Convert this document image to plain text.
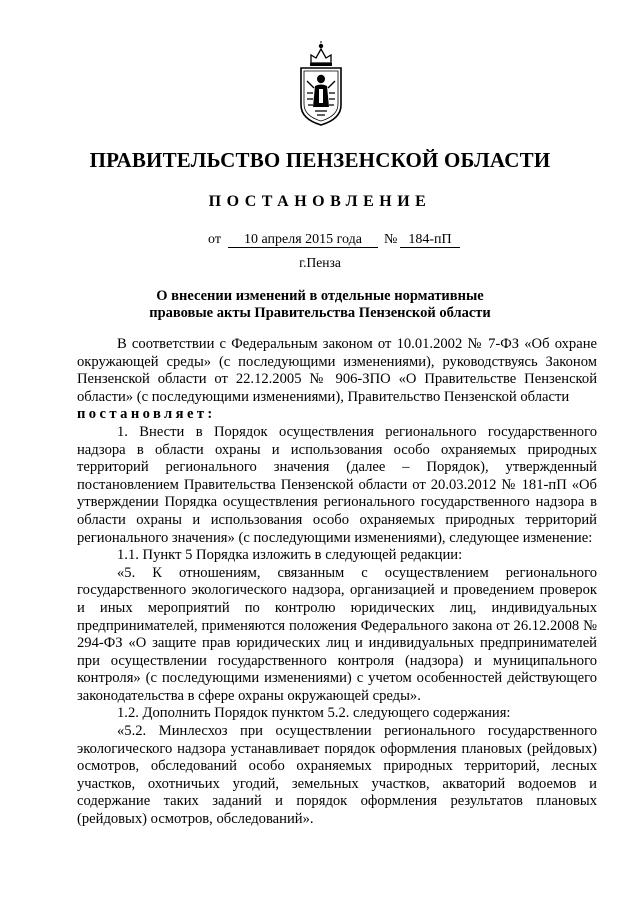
ПРАВИТЕЛЬСТВО ПЕНЗЕНСКОЙ ОБЛАСТИ
ПОСТАНОВЛЕНИЕ
от	10 апреля 2015 года	№ 184-пП
г.Пенза
О внесении изменений в отдельные нормативные
правовые акты Правительства Пензенской области

В соответствии с Федеральным законом от 10.01.2002 № 7-ФЗ «Об охране окружающей среды» (с последующими изменениями), руководствуясь Законом Пензенской области от 22.12.2005 № 906-ЗПО «О Правительстве Пензенской области» (с последующими изменениями), Правительство Пензенской области

постановляет:

1. Внести в Порядок осуществления регионального государственного надзора в области охраны и использования особо охраняемых природных территорий регионального значения (далее – Порядок), утвержденный постановлением Правительства Пензенской области от 20.03.2012 № 181-пП «Об утверждении Порядка осуществления регионального государственного надзора в области охраны и использования особо охраняемых природных территорий регионального значения» (с последующими изменениями), следующее изменение:

1.1. Пункт 5 Порядка изложить в следующей редакции:

«5. К отношениям, связанным с осуществлением регионального государственного экологического надзора, организацией и проведением проверок и иных мероприятий по контролю юридических лиц, индивидуальных предпринимателей, применяются положения Федерального закона от 26.12.2008 № 294-ФЗ «О защите прав юридических лиц и индивидуальных предпринимателей при осуществлении государственного контроля (надзора) и муниципального контроля» (с последующими изменениями) с учетом особенностей действующего законодательства в сфере охраны окружающей среды».

1.2. Дополнить Порядок пунктом 5.2. следующего содержания:

«5.2. Минлесхоз при осуществлении регионального государственного экологического надзора устанавливает порядок оформления плановых (рейдовых) осмотров, обследований особо охраняемых природных территорий, лесных участков, охотничьих угодий, земельных участков, акваторий водоемов и содержание таких заданий и порядок оформления результатов плановых (рейдовых) осмотров, обследований».
